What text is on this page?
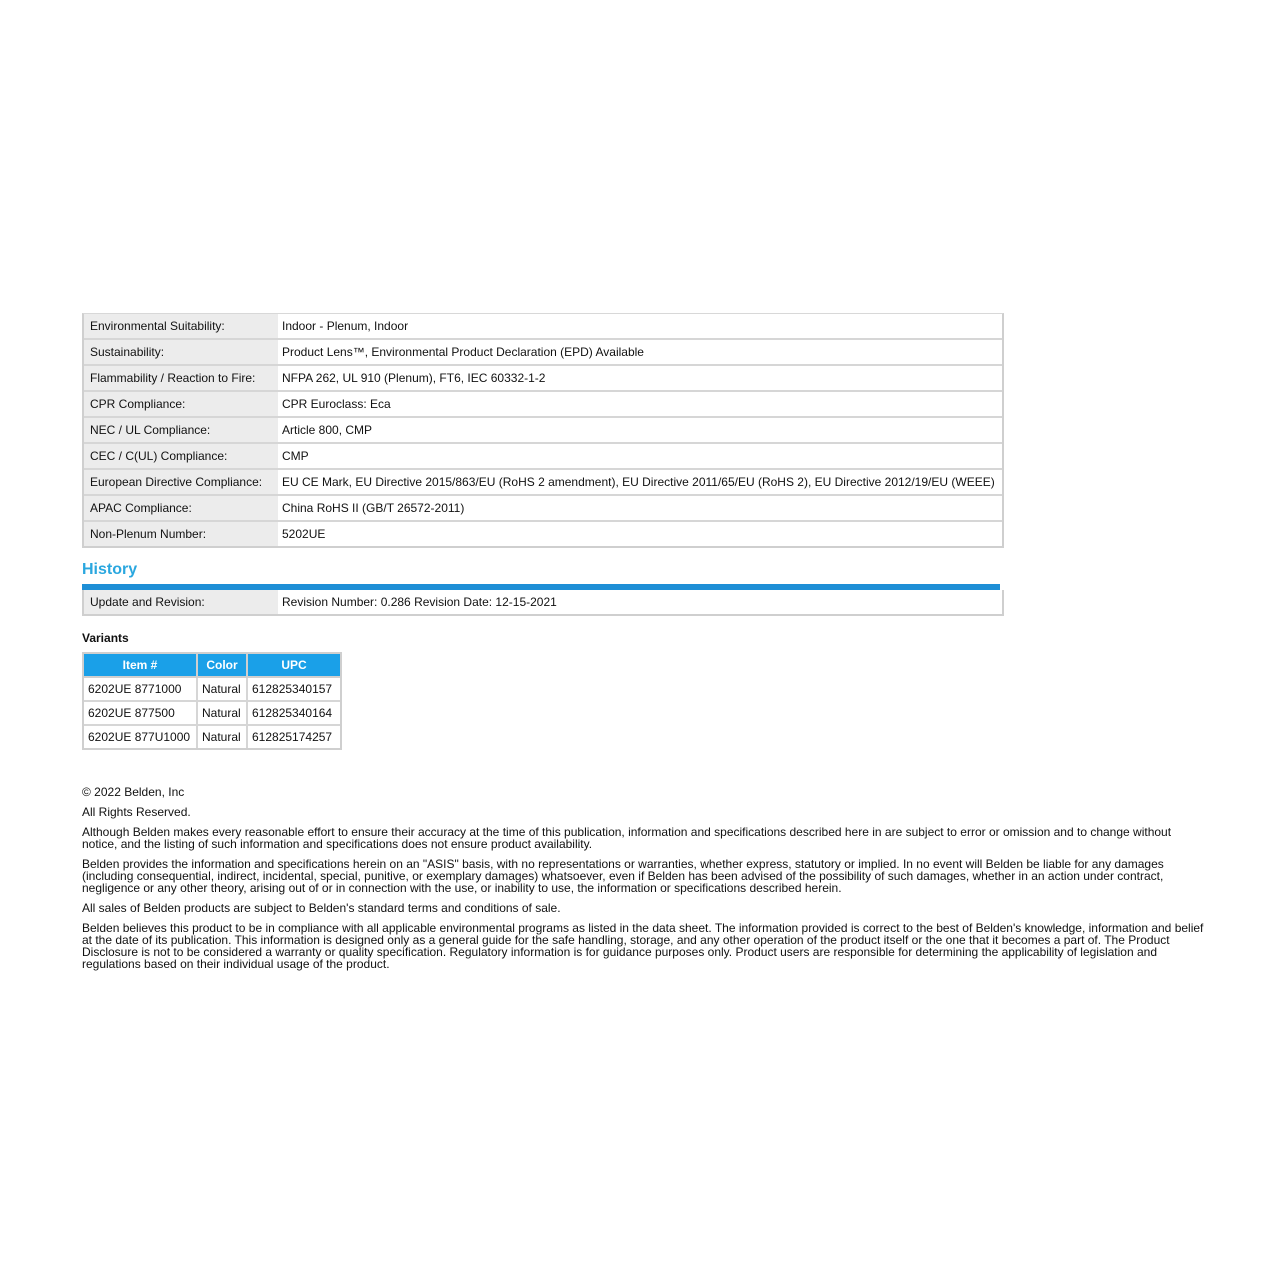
Environmental Suitability:	Indoor - Plenum, Indoor
Sustainability:	Product Lens™, Environmental Product Declaration (EPD) Available
Flammability / Reaction to Fire:	NFPA 262, UL 910 (Plenum), FT6, IEC 60332-1-2
CPR Compliance:	CPR Euroclass: Eca
NEC / UL Compliance:	Article 800, CMP
CEC / C(UL) Compliance:	CMP
European Directive Compliance:	EU CE Mark, EU Directive 2015/863/EU (RoHS 2 amendment), EU Directive 2011/65/EU (RoHS 2), EU Directive 2012/19/EU (WEEE)
APAC Compliance:	China RoHS II (GB/T 26572-2011)
Non-Plenum Number:	5202UE
History
Update and Revision:	Revision Number: 0.286 Revision Date: 12-15-2021
Variants
Item #	Color	UPC
6202UE 8771000	Natural	612825340157
6202UE 877500	Natural	612825340164
6202UE 877U1000	Natural	612825174257

© 2022 Belden, Inc

All Rights Reserved.

Although Belden makes every reasonable effort to ensure their accuracy at the time of this publication, information and specifications described here in are subject to error or omission and to change without notice, and the listing of such information and specifications does not ensure product availability.

Belden provides the information and specifications herein on an "ASIS" basis, with no representations or warranties, whether express, statutory or implied. In no event will Belden be liable for any damages (including consequential, indirect, incidental, special, punitive, or exemplary damages) whatsoever, even if Belden has been advised of the possibility of such damages, whether in an action under contract, negligence or any other theory, arising out of or in connection with the use, or inability to use, the information or specifications described herein.

All sales of Belden products are subject to Belden's standard terms and conditions of sale.

Belden believes this product to be in compliance with all applicable environmental programs as listed in the data sheet. The information provided is correct to the best of Belden's knowledge, information and belief at the date of its publication. This information is designed only as a general guide for the safe handling, storage, and any other operation of the product itself or the one that it becomes a part of. The Product Disclosure is not to be considered a warranty or quality specification. Regulatory information is for guidance purposes only. Product users are responsible for determining the applicability of legislation and regulations based on their individual usage of the product.
